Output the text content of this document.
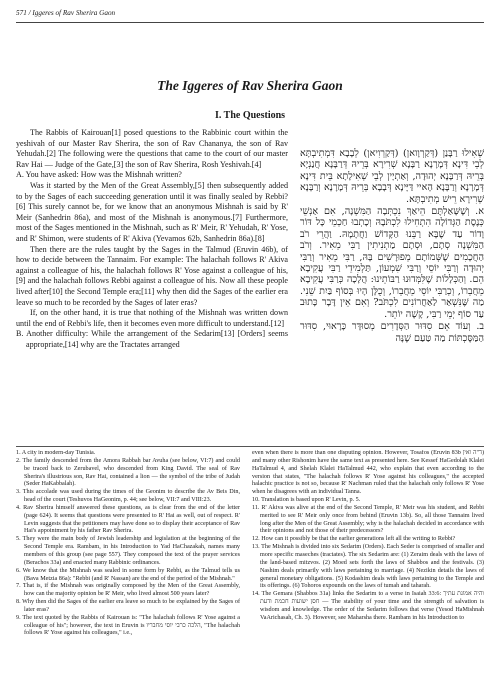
571 / Iggeres of Rav Sherira Gaon
The Iggeres of Rav Sherira Gaon
I. The Questions

The Rabbis of Kairouan[1] posed questions to the Rabbinic court within the yeshivah of our Master Rav Sherira, the son of Rav Chananya, the son of Rav Yehudah.[2] The following were the questions that came to the court of our master Rav Hai — Judge of the Gate,[3] the son of Rav Sherira, Rosh Yeshivah.[4]

A. You have asked: How was the Mishnah written?

Was it started by the Men of the Great Assembly,[5] then subsequently added to by the Sages of each succeeding generation until it was finally sealed by Rebbi?[6] This surely cannot be, for we know that an anonymous Mishnah is said by R' Meir (Sanhedrin 86a), and most of the Mishnah is anonymous.[7] Furthermore, most of the Sages mentioned in the Mishnah, such as R' Meir, R' Yehudah, R' Yose, and R' Shimon, were students of R' Akiva (Yevamos 62b, Sanhedrin 86a).[8]

Then there are the rules taught by the Sages in the Talmud (Eruvin 46b), of how to decide between the Tannaim. For example: The halachah follows R' Akiva against a colleague of his, the halachah follows R' Yose against a colleague of his,[9] and the halachah follows Rebbi against a colleague of his. Now all these people lived after[10] the Second Temple era;[11] why then did the Sages of the earlier era leave so much to be recorded by the Sages of later eras?

If, on the other hand, it is true that nothing of the Mishnah was written down until the end of Rebbi's life, then it becomes even more difficult to understand.[12]

B. Another difficulty: While the arrangement of the Sedarim[13] [Orders] seems appropriate,[14] why are the Tractates arranged

שְׁאִילוּ רַבָּנַן (דְּקַרְוָואן) (דְּקַרְוִיאן) לְבָבָא דִּמְתִיבְתָּא לְבֵי דִּינָא דְּמָרָנָא רַבָּנָא שְׁרִירָא בְּרֵיהּ דְּרַבָּנָא חֲנַנְיָא בְּרֵיהּ דְּרַבָּנָא יְהוּדָה, וְאַתְיָין לְבֵי שְׁאִילָתָא בֵּית דִּינָא דְּמָרָנָא וְרַבָּנָא הָאיי דַּיָּינָא דְּבָבָא בְּרֵיהּ דְּמָרָנָא וְרַבָּנָא שְׁרִירָא רֵישׁ מְתִיבְתָּא.

א. וְשֶׁשָּׁאַלְתֶּם הֵיאַךְ נִכְתְּבָה הַמִּשְׁנָה, אִם אַנְשֵׁי כְּנֶסֶת הַגְּדוֹלָה הִתְחִילוּ לִכְתֹּבָהּ וְכָתְבוּ חַכְמֵי כָּל דּוֹר וָדוֹר עַד שֶׁבָּא רַבֵּנוּ הַקָּדוֹשׁ וַחֲתָמָהּ. וַהֲרֵי רֹב הַמִּשְׁנָה סְתָם, וּסְתָם מַתְנִיתִין רַבִּי מֵאִיר. וְרֹב הַחֲכָמִים שֶׁשְּׁמוֹתָם מְפוּרָשִׁים בָּהּ, רַבִּי מֵאִיר וְרַבִּי יְהוּדָה וְרַבִּי יוֹסֵי וְרַבִּי שִׁמְעוֹן, תַּלְמִידֵי רַבִּי עֲקִיבָא הֵם. וְהַכְּלָלוֹת שֶׁלִּמְּדוּנוּ רַבּוֹתֵינוּ: הֲלָכָה כְּרַבִּי עֲקִיבָא מֵחֲבֵרוֹ, וְכְרַבִּי יוֹסֵי מֵחֲבֵרוֹ, וְכֻלָּן הָיוּ בְּסוֹף בַּיִת שֵׁנִי. מַה שֶּׁנִּשְׁאַר לַאַחֲרוֹנִים לִכְתֹּב? וְאִם אֵין דָּבָר כָּתוּב עַד סוֹף יְמֵי רַבִּי, קָשֶׁה יוֹתֵר.

ב. וְעוֹד אֵם סִדּוּר הַסְּדָרִים מְסוּדָּר כָּרָאוּי, סִדּוּר הַמַּסֶּכְתּוֹת מַה טַּעַם שֶׁנָּה

1. A city in modern-day Tunisia.

2. The family descended from the Amora Rabbah bar Avuha (see below, VI:7) and could be traced back to Zerubavel, who descended from King David. The seal of Rav Sherira's illustrious son, Rav Hai, contained a lion — the symbol of the tribe of Judah (Seder HaKabbalah).

3. This accolade was used during the times of the Geonim to describe the Av Beis Din, head of the court (Teshuvos HaGeonim, p. 44; see below, VII:7 and VIII:23.

4. Rav Sherira himself answered these questions, as is clear from the end of the letter (page 624). It seems that questions were presented to R' Hai as well, out of respect. R' Levin suggests that the petitioners may have done so to display their acceptance of Rav Hai's appointment by his father Rav Sherira.

5. They were the main body of Jewish leadership and legislation at the beginning of the Second Temple era. Rambam, in his Introduction to Yad HaChazakah, names many members of this group (see page 557). They composed the text of the prayer services (Berachos 33a) and enacted many Rabbinic ordinances.

6. We know that the Mishnah was sealed in some form by Rebbi, as the Talmud tells us (Bava Metzia 86a): "Rebbi (and R' Nassan) are the end of the period of the Mishnah."

7. That is, if the Mishnah was originally composed by the Men of the Great Assembly, how can the majority opinion be R' Meir, who lived almost 500 years later?

8. Why then did the Sages of the earlier era leave so much to be explained by the Sages of later eras?

9. The text quoted by the Rabbis of Kairouan is: "The halachah follows R' Yose against a colleague of his"; however, the text in Eruvin is הלכה כרבי יוסי מחבריו, "The halachah follows R' Yose against his colleagues," i.e.,

even when there is more than one disputing opinion. However, Tosafos (Eruvin 83b ד"ה ואין) and many other Rishonim have the same text as presented here. See Kessef HaGedolah Klalei HaTalmud 4, and Shelah Klalei HaTalmud 442, who explain that even according to the version that states, "The halachah follows R' Yose against his colleagues," the accepted halachic practice is not so, because R' Nachman ruled that the halachah only follows R' Yose when he disagrees with an individual Tanna.

10. Translation is based upon R' Levin, p. 5.

11. R' Akiva was alive at the end of the Second Temple, R' Meir was his student, and Rebbi merited to see R' Meir only once from behind (Eruvin 13b). So, all those Tannaim lived long after the Men of the Great Assembly; why is the halachah decided in accordance with their opinions and not those of their predecessors?

12. How can it possibly be that the earlier generations left all the writing to Rebbi?

13. The Mishnah is divided into six Sedarim (Orders). Each Seder is comprised of smaller and more specific maseches (tractates). The six Sedarim are: (1) Zeraim deals with the laws of the land-based mitzvos. (2) Moed sets forth the laws of Shabbos and the festivals. (3) Nashim deals primarily with laws pertaining to marriage. (4) Nezikin details the laws of general monetary obligations. (5) Kodashim deals with laws pertaining to the Temple and its offerings. (6) Tohoros expounds on the laws of tumah and taharah.

14. The Gemara (Shabbos 31a) links the Sedarim to a verse in Isaiah 33:6: והיה אמונת עתיך חסן ישועות חכמת ודעת — The stability of your time and the strength of salvation is wisdom and knowledge. The order of the Sedarim follows that verse (Yesod HaMishnah VaArichasah, Ch. 3). However, see Maharsha there. Rambam in his Introduction to
